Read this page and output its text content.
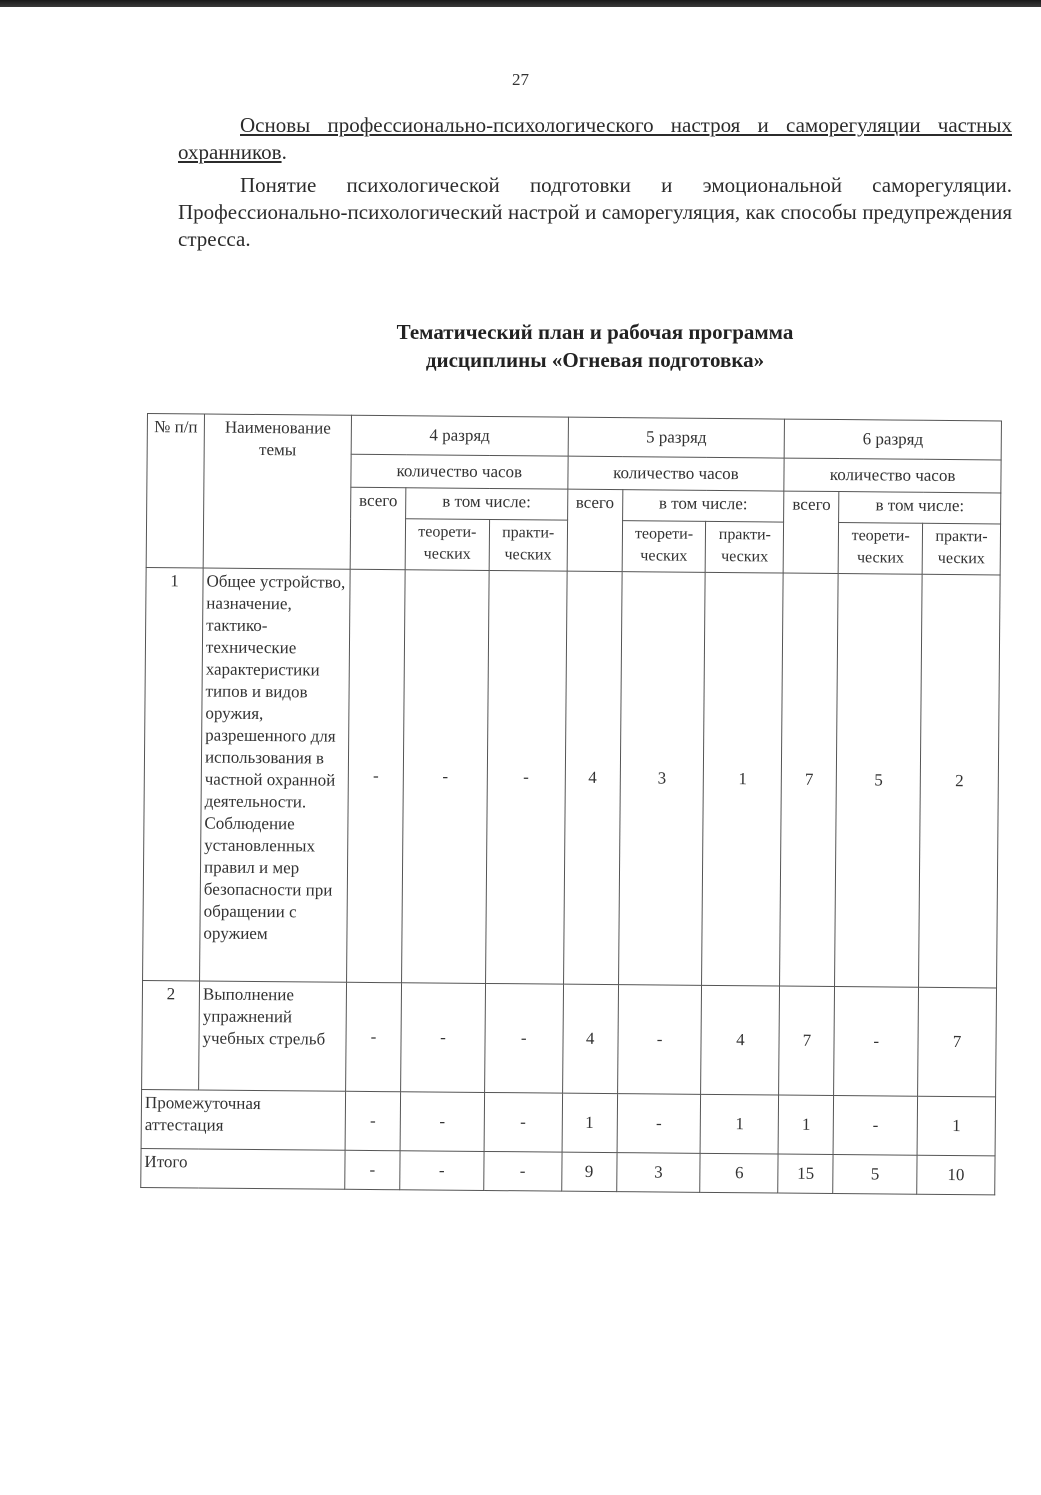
27
Основы профессионально-психологического настроя и саморегуляции частных охранников.
Понятие психологической подготовки и эмоциональной саморегуляции. Профессионально-психологический настрой и саморегуляция, как способы предупреждения стресса.
Тематический план и рабочая программа
дисциплины «Огневая подготовка»
№ п/п	Наименование темы	4 разряд			5 разряд			6 разряд		
		количество часов			количество часов			количество часов		
		всего	в том числе:		всего	в том числе:		всего	в том числе:	
			теорети-ческих	практи-ческих		теорети-ческих	практи-ческих		теорети-ческих	практи-ческих
1	Общее устройство, назначение, тактико-технические характеристики типов и видов оружия, разрешенного для использования в частной охранной деятельности. Соблюдение установленных правил и мер безопасности при обращении с оружием	-	-	-	4	3	1	7	5	2
2	Выполнение упражнений учебных стрельб	-	-	-	4	-	4	7	-	7
Промежуточная аттестация		-	-	-	1	-	1	1	-	1
Итого		-	-	-	9	3	6	15	5	10
